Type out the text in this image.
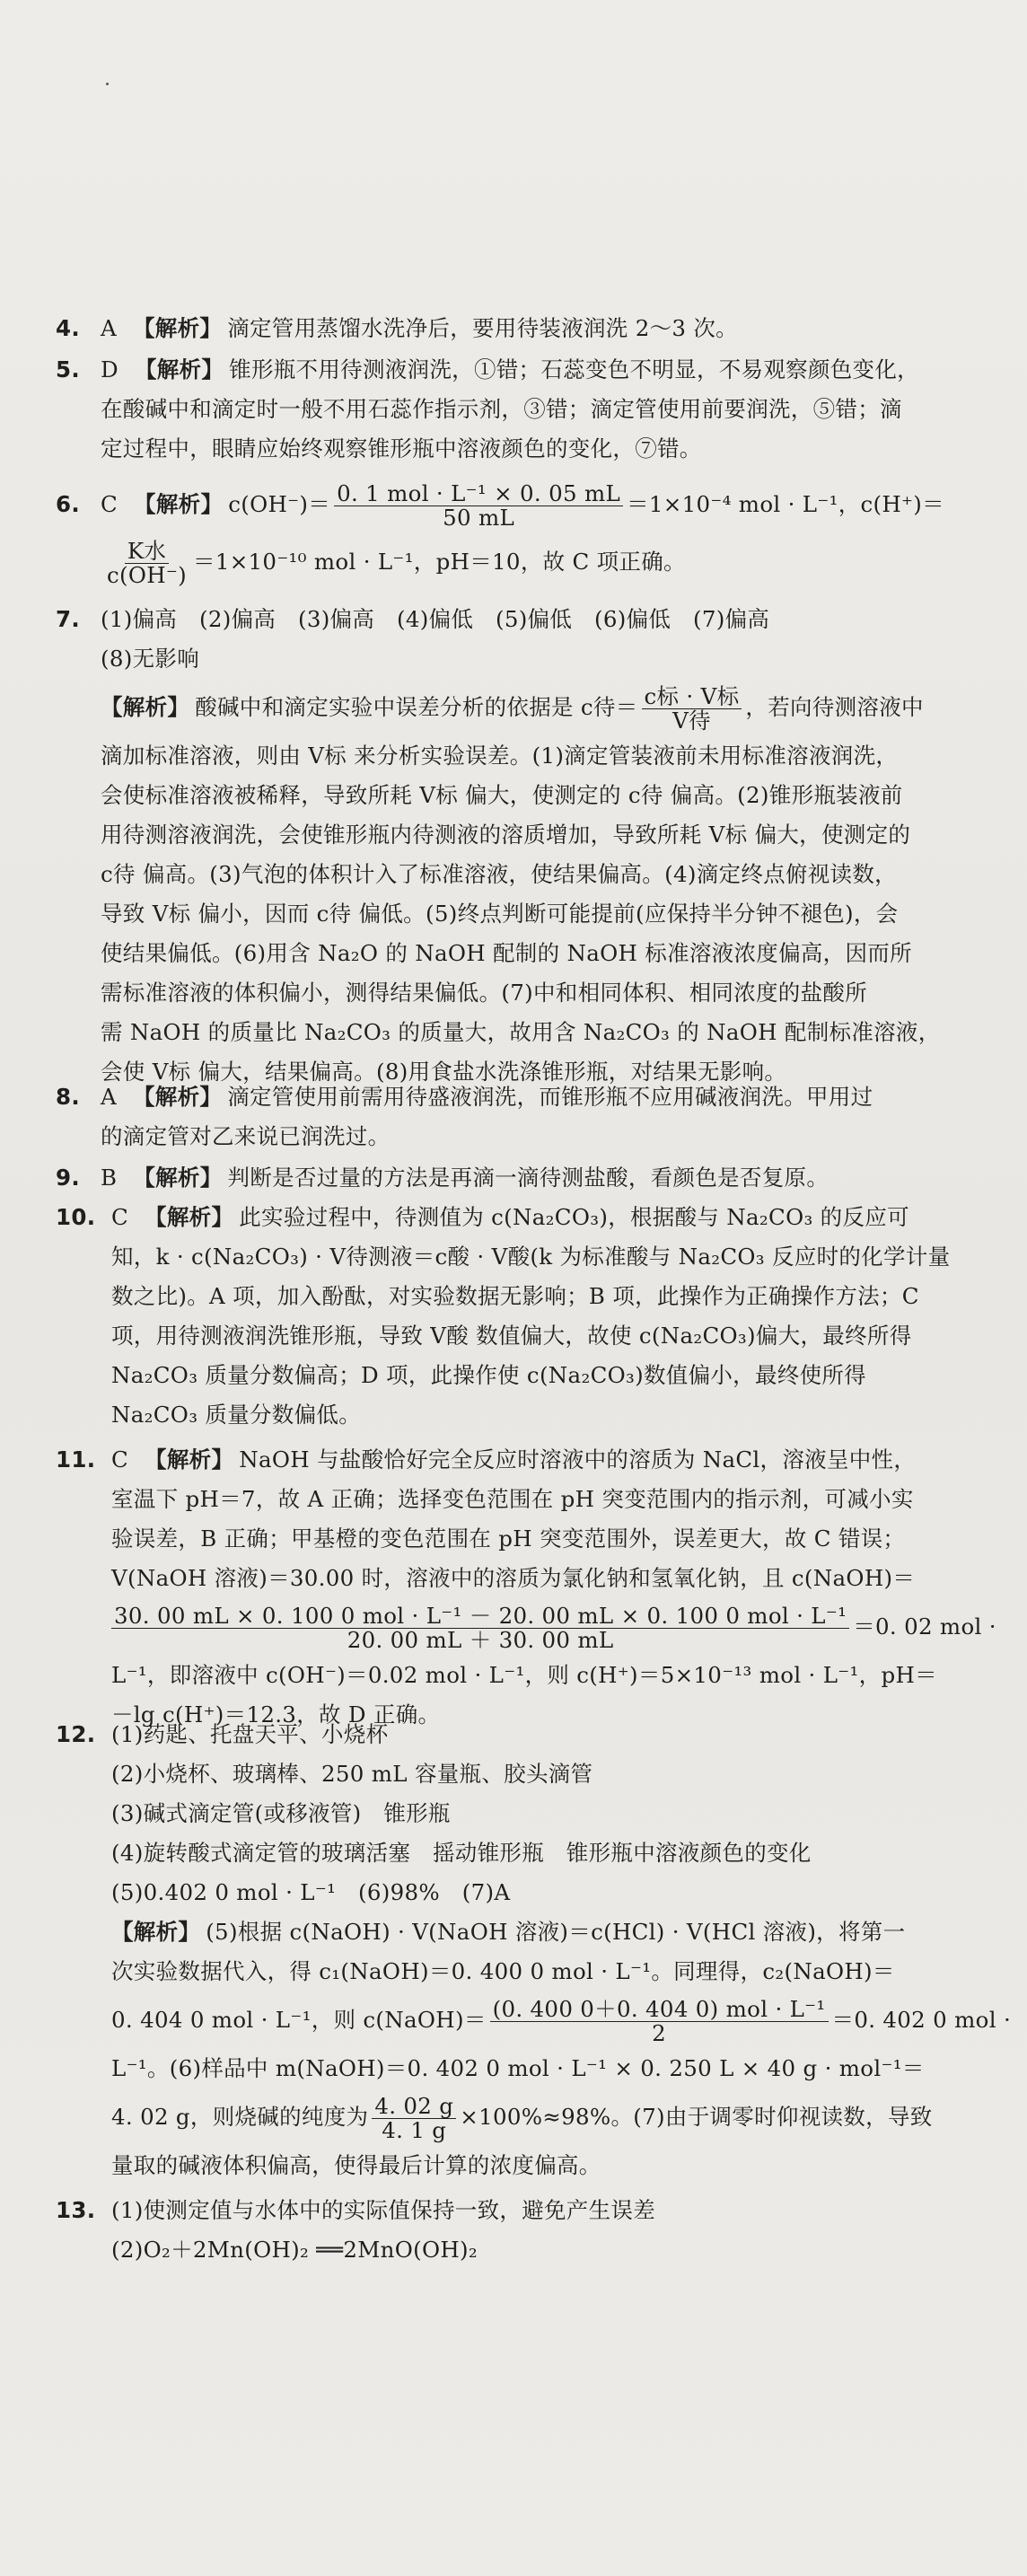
4. A 【解析】 滴定管用蒸馏水洗净后，要用待装液润洗 2～3 次。
5. D 【解析】 锥形瓶不用待测液润洗，①错；石蕊变色不明显，不易观察颜色变化，
在酸碱中和滴定时一般不用石蕊作指示剂，③错；滴定管使用前要润洗，⑤错；滴
定过程中，眼睛应始终观察锥形瓶中溶液颜色的变化，⑦错。
6. C 【解析】 $c(OH^-)= \frac{\text{0. 1 mol · L⁻¹ × 0. 05 mL}}{50 mL} =1\times 10^{-4}$ mol · L⁻¹，c(H⁺)＝
$\frac{\text{K水}}{c(OH^-)} =1\times 10^{-10}$ mol · L⁻¹，pH＝10，故 C 项正确。
7. (1)偏高　(2)偏高　(3)偏高　(4)偏低　(5)偏低　(6)偏低　(7)偏高
(8)无影响
【解析】 酸碱中和滴定实验中误差分析的依据是 c待＝ $\frac{\text{c标 · V标}}{\text{V待}}$ ，若向待测溶液中
滴加标准溶液，则由 V标 来分析实验误差。(1)滴定管装液前未用标准溶液润洗，
会使标准溶液被稀释，导致所耗 V标 偏大，使测定的 c待 偏高。(2)锥形瓶装液前
用待测溶液润洗，会使锥形瓶内待测液的溶质增加，导致所耗 V标 偏大，使测定的
c待 偏高。(3)气泡的体积计入了标准溶液，使结果偏高。(4)滴定终点俯视读数，
导致 V标 偏小，因而 c待 偏低。(5)终点判断可能提前(应保持半分钟不褪色)，会
使结果偏低。(6)用含 Na₂O 的 NaOH 配制的 NaOH 标准溶液浓度偏高，因而所
需标准溶液的体积偏小，测得结果偏低。(7)中和相同体积、相同浓度的盐酸所
需 NaOH 的质量比 Na₂CO₃ 的质量大，故用含 Na₂CO₃ 的 NaOH 配制标准溶液，
会使 V标 偏大，结果偏高。(8)用食盐水洗涤锥形瓶，对结果无影响。
8. A 【解析】 滴定管使用前需用待盛液润洗，而锥形瓶不应用碱液润洗。甲用过
的滴定管对乙来说已润洗过。
9. B 【解析】 判断是否过量的方法是再滴一滴待测盐酸，看颜色是否复原。
10. C 【解析】 此实验过程中，待测值为 c(Na₂CO₃)，根据酸与 Na₂CO₃ 的反应可
知，k · c(Na₂CO₃) · V待测液＝c酸 · V酸(k 为标准酸与 Na₂CO₃ 反应时的化学计量
数之比)。A 项，加入酚酞，对实验数据无影响；B 项，此操作为正确操作方法；C
项，用待测液润洗锥形瓶，导致 V酸 数值偏大，故使 c(Na₂CO₃)偏大，最终所得
Na₂CO₃ 质量分数偏高；D 项，此操作使 c(Na₂CO₃)数值偏小，最终使所得
Na₂CO₃ 质量分数偏低。
11. C 【解析】 NaOH 与盐酸恰好完全反应时溶液中的溶质为 NaCl，溶液呈中性，
室温下 pH＝7，故 A 正确；选择变色范围在 pH 突变范围内的指示剂，可减小实
验误差，B 正确；甲基橙的变色范围在 pH 突变范围外，误差更大，故 C 错误；
V(NaOH 溶液)＝30.00 时，溶液中的溶质为氯化钠和氢氧化钠，且 c(NaOH)＝
30. 00 mL × 0. 100 0 mol · L⁻¹ － 20. 00 mL × 0. 100 0 mol · L⁻¹
20. 00 mL ＋ 30. 00 mL
＝0. 02 mol ·
L⁻¹，即溶液中 c(OH⁻)＝0.02 mol · L⁻¹，则 c(H⁺)＝5×10⁻¹³ mol · L⁻¹，pH＝
－lg c(H⁺)＝12.3，故 D 正确。
12. (1)药匙、托盘天平、小烧杯
(2)小烧杯、玻璃棒、250 mL 容量瓶、胶头滴管
(3)碱式滴定管(或移液管)　锥形瓶
(4)旋转酸式滴定管的玻璃活塞　摇动锥形瓶　锥形瓶中溶液颜色的变化
(5)0.402 0 mol · L⁻¹　(6)98%　(7)A
【解析】 (5)根据 c(NaOH) · V(NaOH 溶液)＝c(HCl) · V(HCl 溶液)，将第一
次实验数据代入，得 c₁(NaOH)＝0. 400 0 mol · L⁻¹。同理得，c₂(NaOH)＝
0. 404 0 mol · L⁻¹，则 c(NaOH)＝ $\frac{\text{(0. 400 0＋0. 404 0) mol · L⁻¹}}{2} =0$. 402 0 mol ·
L⁻¹。(6)样品中 m(NaOH)＝0. 402 0 mol · L⁻¹ × 0. 250 L × 40 g · mol⁻¹＝
4. 02 g，则烧碱的纯度为 $\frac{4. 02 g}{4. 1 g} \times 100\%\approx 98\%$。(7)由于调零时仰视读数，导致
量取的碱液体积偏高，使得最后计算的浓度偏高。
13. (1)使测定值与水体中的实际值保持一致，避免产生误差
(2)O₂＋2Mn(OH)₂ ══2MnO(OH)₂
